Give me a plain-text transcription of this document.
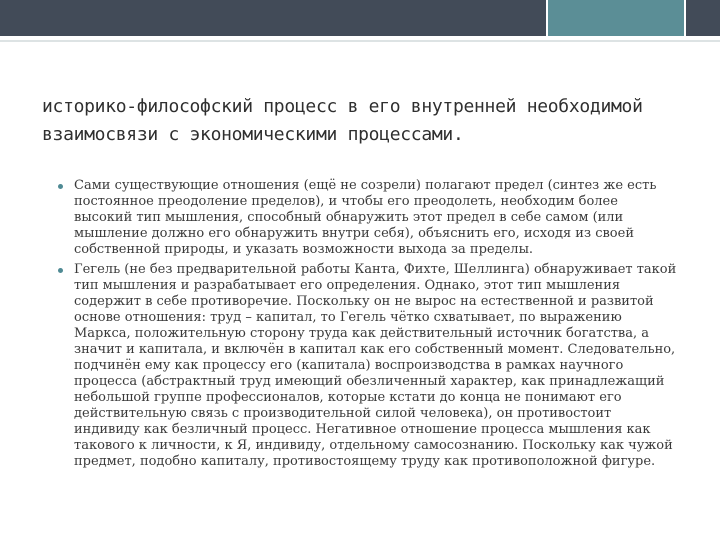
историко-философский процесс в его внутренней необходимой взаимосвязи с экономическими процессами.
Сами существующие отношения (ещё не созрели) полагают предел (синтез же есть постоянное преодоление пределов), и чтобы его преодолеть, необходим более высокий тип мышления, способный обнаружить этот предел в себе самом (или мышление должно его обнаружить внутри себя), объяснить его, исходя из своей собственной природы, и указать возможности выхода за пределы.
Гегель (не без предварительной работы Канта, Фихте, Шеллинга) обнаруживает такой тип мышления и разрабатывает его определения. Однако, этот тип мышления содержит в себе противоречие. Поскольку он не вырос на естественной и развитой основе отношения: труд – капитал, то Гегель чётко схватывает, по выражению Маркса, положительную сторону труда как действительный источник богатства, а значит и капитала, и включён в капитал как его собственный момент. Следовательно, подчинён ему как процессу его (капитала) воспроизводства в рамках научного процесса (абстрактный труд имеющий обезличенный характер, как принадлежащий небольшой группе профессионалов, которые кстати до конца не понимают его действительную связь с производительной силой человека), он противостоит индивиду как безличный процесс. Негативное отношение процесса мышления как такового к личности, к Я, индивиду, отдельному самосознанию. Поскольку как чужой предмет, подобно капиталу, противостоящему труду как противоположной фигуре.
